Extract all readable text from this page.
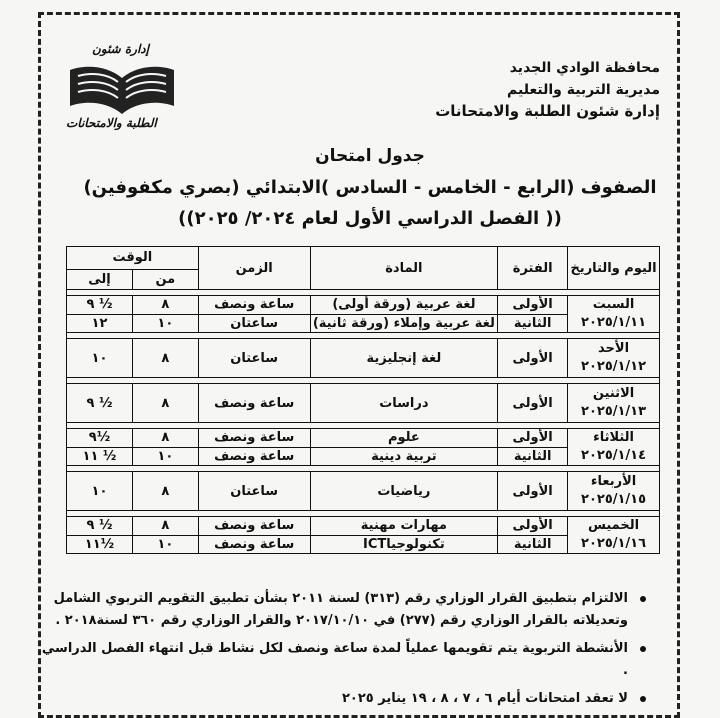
إدارة شئون
الطلبة والامتحانات
محافظة الوادي الجديد
مديرية التربية والتعليم
إدارة شئون الطلبة والامتحانات
جدول امتحان
الصفوف (الرابع - الخامس - السادس )الابتدائي (بصري مكفوفين)
(( الفصل الدراسي الأول لعام ٢٠٢٤/ ٢٠٢٥))
اليوم والتاريخ	الفترة	المادة	الزمن	الوقت	
				من	إلى

السبت
٢٠٢٥/١/١١	الأولى	لغة عربية (ورقة أولى)	ساعة ونصف	٨	½ ٩
	الثانية	لغة عربية وإملاء (ورقة ثانية)	ساعتان	١٠	١٢

الأحد
٢٠٢٥/١/١٢	الأولى	لغة إنجليزية	ساعتان	٨	١٠

الاثنين
٢٠٢٥/١/١٣	الأولى	دراسات	ساعة ونصف	٨	½ ٩

الثلاثاء
٢٠٢٥/١/١٤	الأولى	علوم	ساعة ونصف	٨	½٩
	الثانية	تربية دينية	ساعة ونصف	١٠	½ ١١

الأربعاء
٢٠٢٥/١/١٥	الأولى	رياضيات	ساعتان	٨	١٠

الخميس
٢٠٢٥/١/١٦	الأولى	مهارات مهنية	ساعة ونصف	٨	½ ٩
	الثانية	تكنولوجياICT	ساعة ونصف	١٠	½١١
الالتزام بتطبيق القرار الوزاري رقم (٣١٣) لسنة ٢٠١١ بشأن تطبيق التقويم التربوي الشامل وتعديلاته بالقرار الوزاري رقم (٢٧٧) في ٢٠١٧/١٠/١٠ والقرار الوزاري رقم ٣٦٠ لسنة٢٠١٨ .
الأنشطة التربوية يتم تقويمها عملياً لمدة ساعة ونصف لكل نشاط قبل انتهاء الفصل الدراسي .
لا تعقد امتحانات أيام ٦ ، ٧ ، ٨ ، ١٩ يناير ٢٠٢٥
